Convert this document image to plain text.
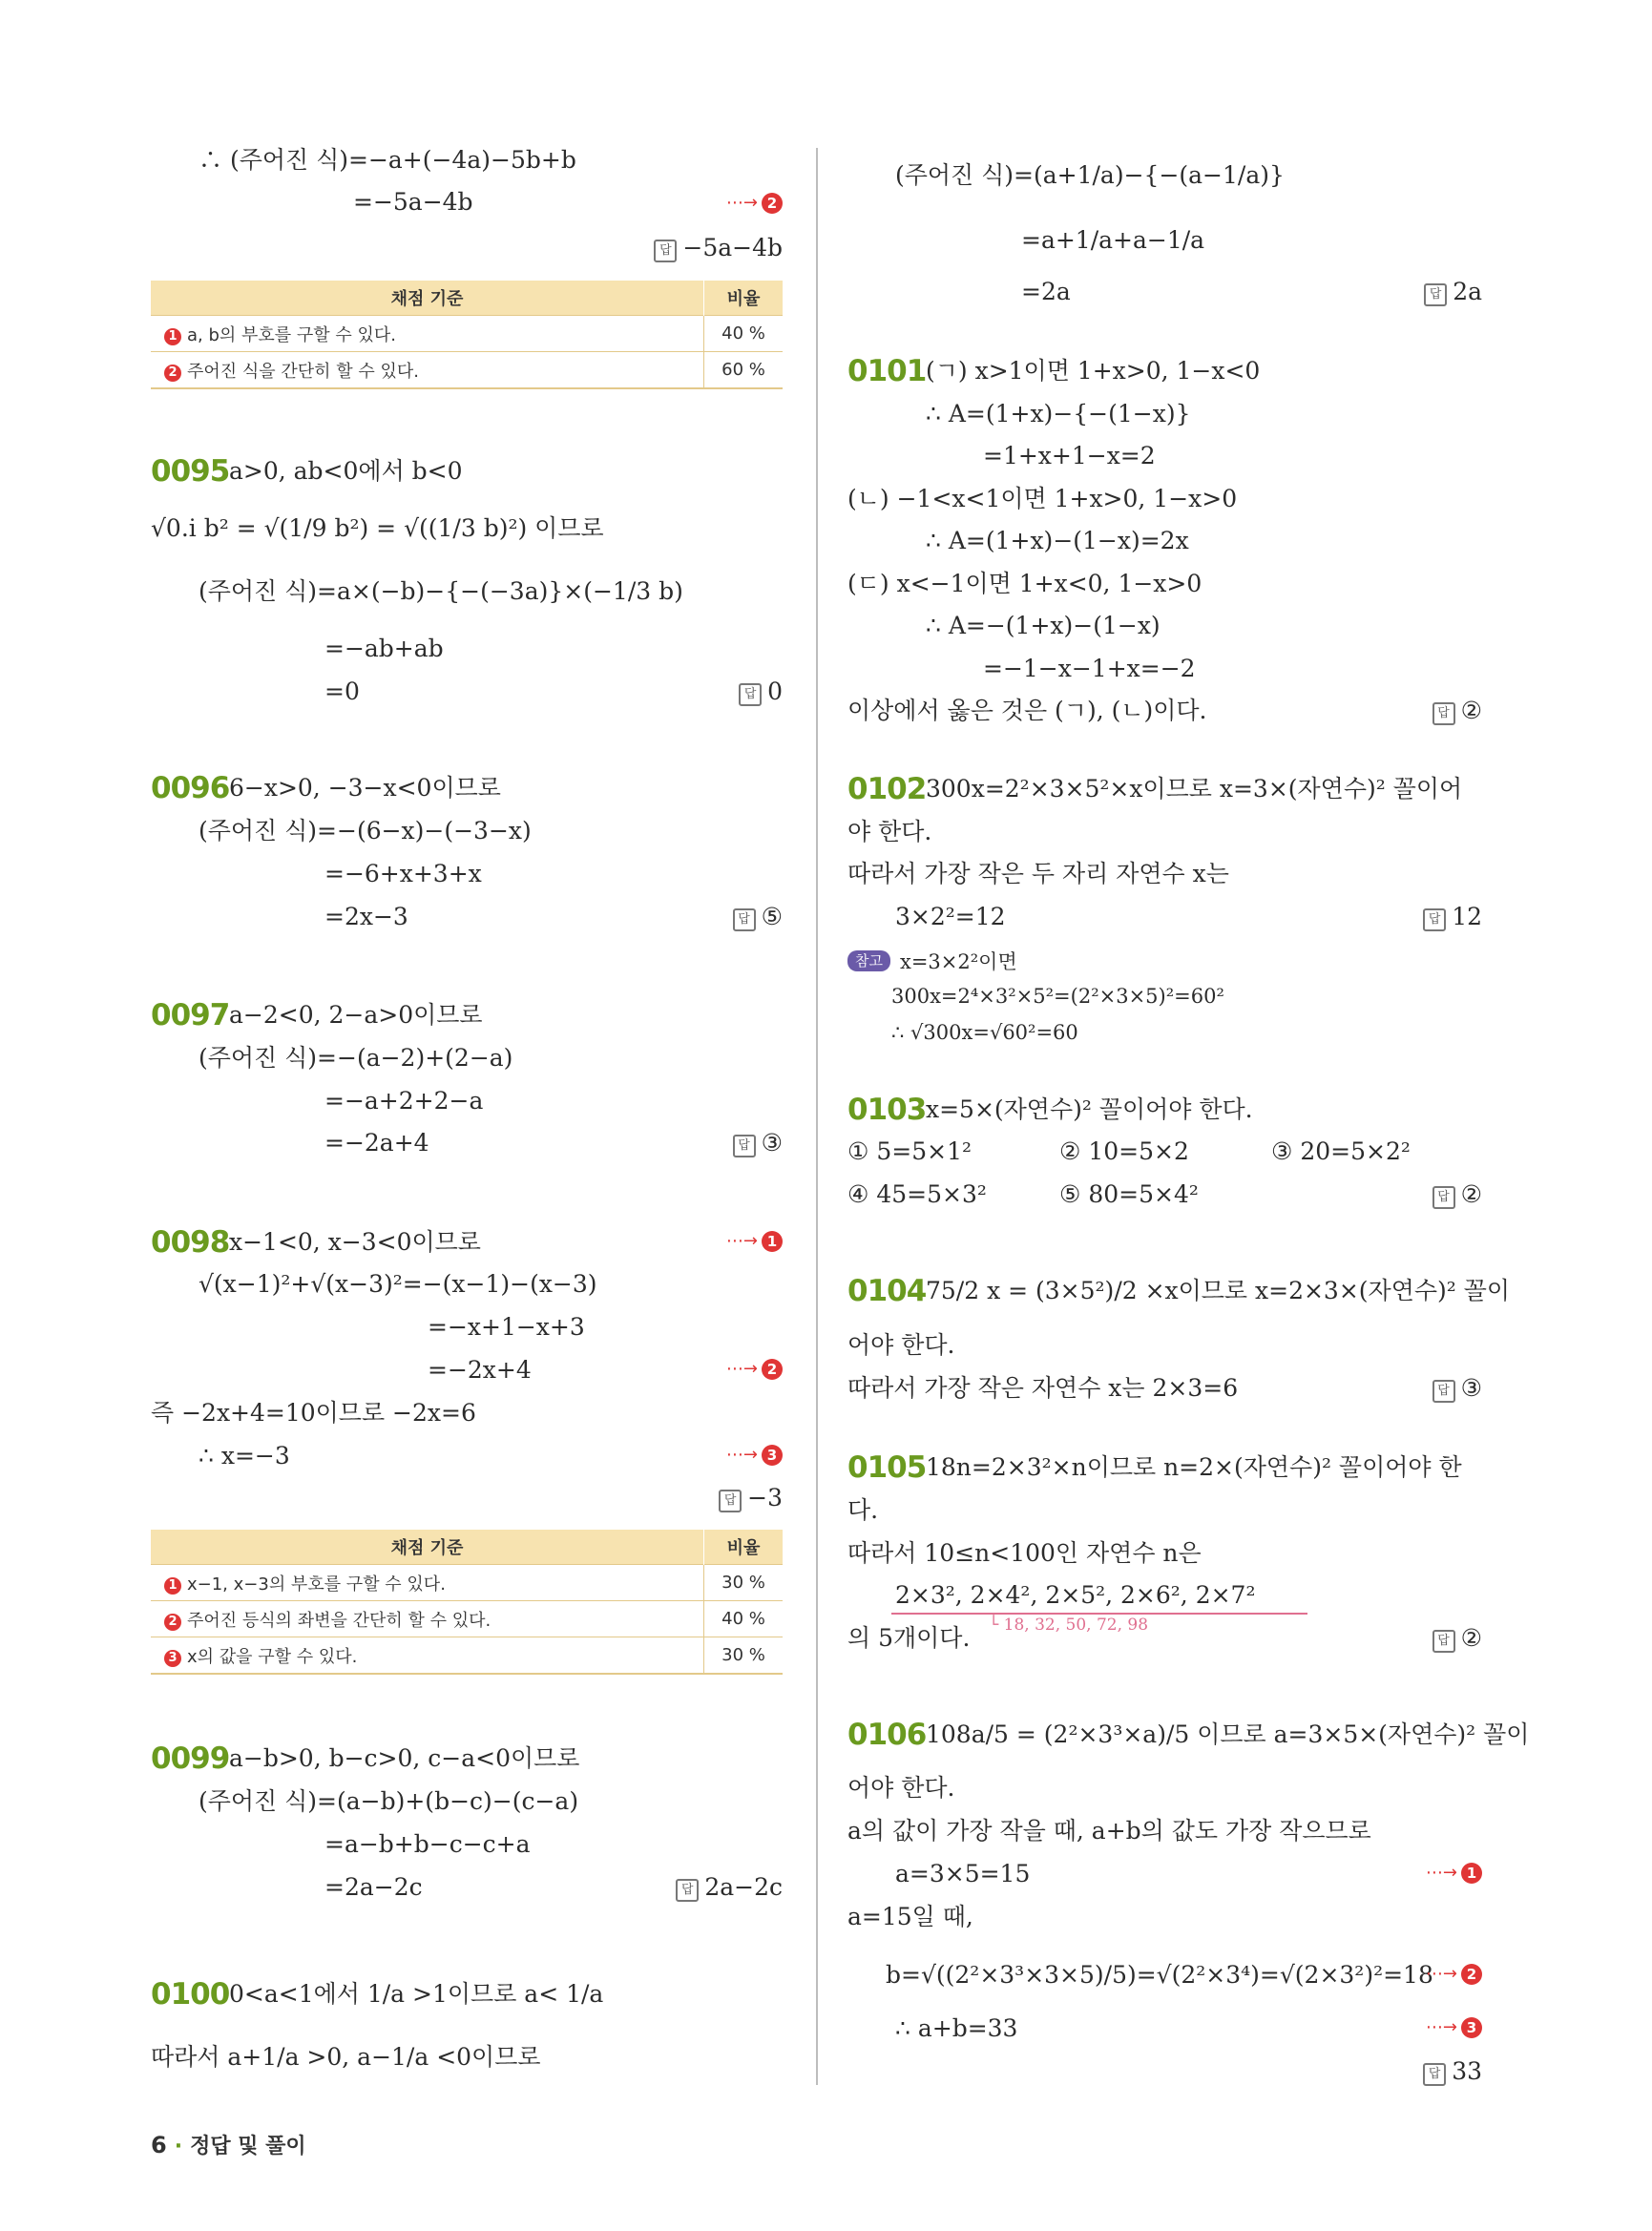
∴ (주어진 식)=−a+(−4a)−5b+b
=−5a−4b	⋯→ 2
답 −5a−4b
채점 기준	비율
1 a, b의 부호를 구할 수 있다.	40 %
2 주어진 식을 간단히 할 수 있다.	60 %
0095 a>0, ab<0에서 b<0
√0.i b² = √(1/9 b²) = √((1/3 b)²) 이므로
(주어진 식)=a×(−b)−{−(−3a)}×(−1/3 b)
=−ab+ab
=0	답 0
0096 6−x>0, −3−x<0이므로
(주어진 식)=−(6−x)−(−3−x)
=−6+x+3+x
=2x−3	답 ⑤
0097 a−2<0, 2−a>0이므로
(주어진 식)=−(a−2)+(2−a)
=−a+2+2−a
=−2a+4	답 ③
0098 x−1<0, x−3<0이므로	⋯→ 1
√(x−1)²+√(x−3)²=−(x−1)−(x−3)
=−x+1−x+3
=−2x+4	⋯→ 2
즉 −2x+4=10이므로 −2x=6
∴ x=−3	⋯→ 3
답 −3
채점 기준	비율
1 x−1, x−3의 부호를 구할 수 있다.	30 %
2 주어진 등식의 좌변을 간단히 할 수 있다.	40 %
3 x의 값을 구할 수 있다.	30 %
0099 a−b>0, b−c>0, c−a<0이므로
(주어진 식)=(a−b)+(b−c)−(c−a)
=a−b+b−c−c+a
=2a−2c	답 2a−2c
0100 0<a<1에서 1/a >1이므로 a< 1/a
따라서 a+1/a >0, a−1/a <0이므로
(주어진 식)=(a+1/a)−{−(a−1/a)}
=a+1/a+a−1/a
=2a	답 2a
0101 (ㄱ) x>1이면 1+x>0, 1−x<0
∴ A=(1+x)−{−(1−x)}
=1+x+1−x=2
(ㄴ) −1<x<1이면 1+x>0, 1−x>0
∴ A=(1+x)−(1−x)=2x
(ㄷ) x<−1이면 1+x<0, 1−x>0
∴ A=−(1+x)−(1−x)
=−1−x−1+x=−2
이상에서 옳은 것은 (ㄱ), (ㄴ)이다.	답 ②
0102 300x=2²×3×5²×x이므로 x=3×(자연수)² 꼴이어
야 한다.
따라서 가장 작은 두 자리 자연수 x는
3×2²=12	답 12
참고 x=3×2²이면
300x=2⁴×3²×5²=(2²×3×5)²=60²
∴ √300x=√60²=60
0103 x=5×(자연수)² 꼴이어야 한다.
① 5=5×1²	② 10=5×2	③ 20=5×2²
④ 45=5×3²	⑤ 80=5×4²	답 ②
0104 75/2 x = (3×5²)/2 ×x이므로 x=2×3×(자연수)² 꼴이
어야 한다.
따라서 가장 작은 자연수 x는 2×3=6	답 ③
0105 18n=2×3²×n이므로 n=2×(자연수)² 꼴이어야 한
다.
따라서 10≤n<100인 자연수 n은
2×3², 2×4², 2×5², 2×6², 2×7²
└ 18, 32, 50, 72, 98
의 5개이다.	답 ②
0106 108a/5 = (2²×3³×a)/5 이므로 a=3×5×(자연수)² 꼴이
어야 한다.
a의 값이 가장 작을 때, a+b의 값도 가장 작으므로
a=3×5=15	⋯→ 1
a=15일 때,
b=√((2²×3³×3×5)/5)=√(2²×3⁴)=√(2×3²)²=18
⋯→ 2
∴ a+b=33	⋯→ 3
답 33
6 · 정답 및 풀이
